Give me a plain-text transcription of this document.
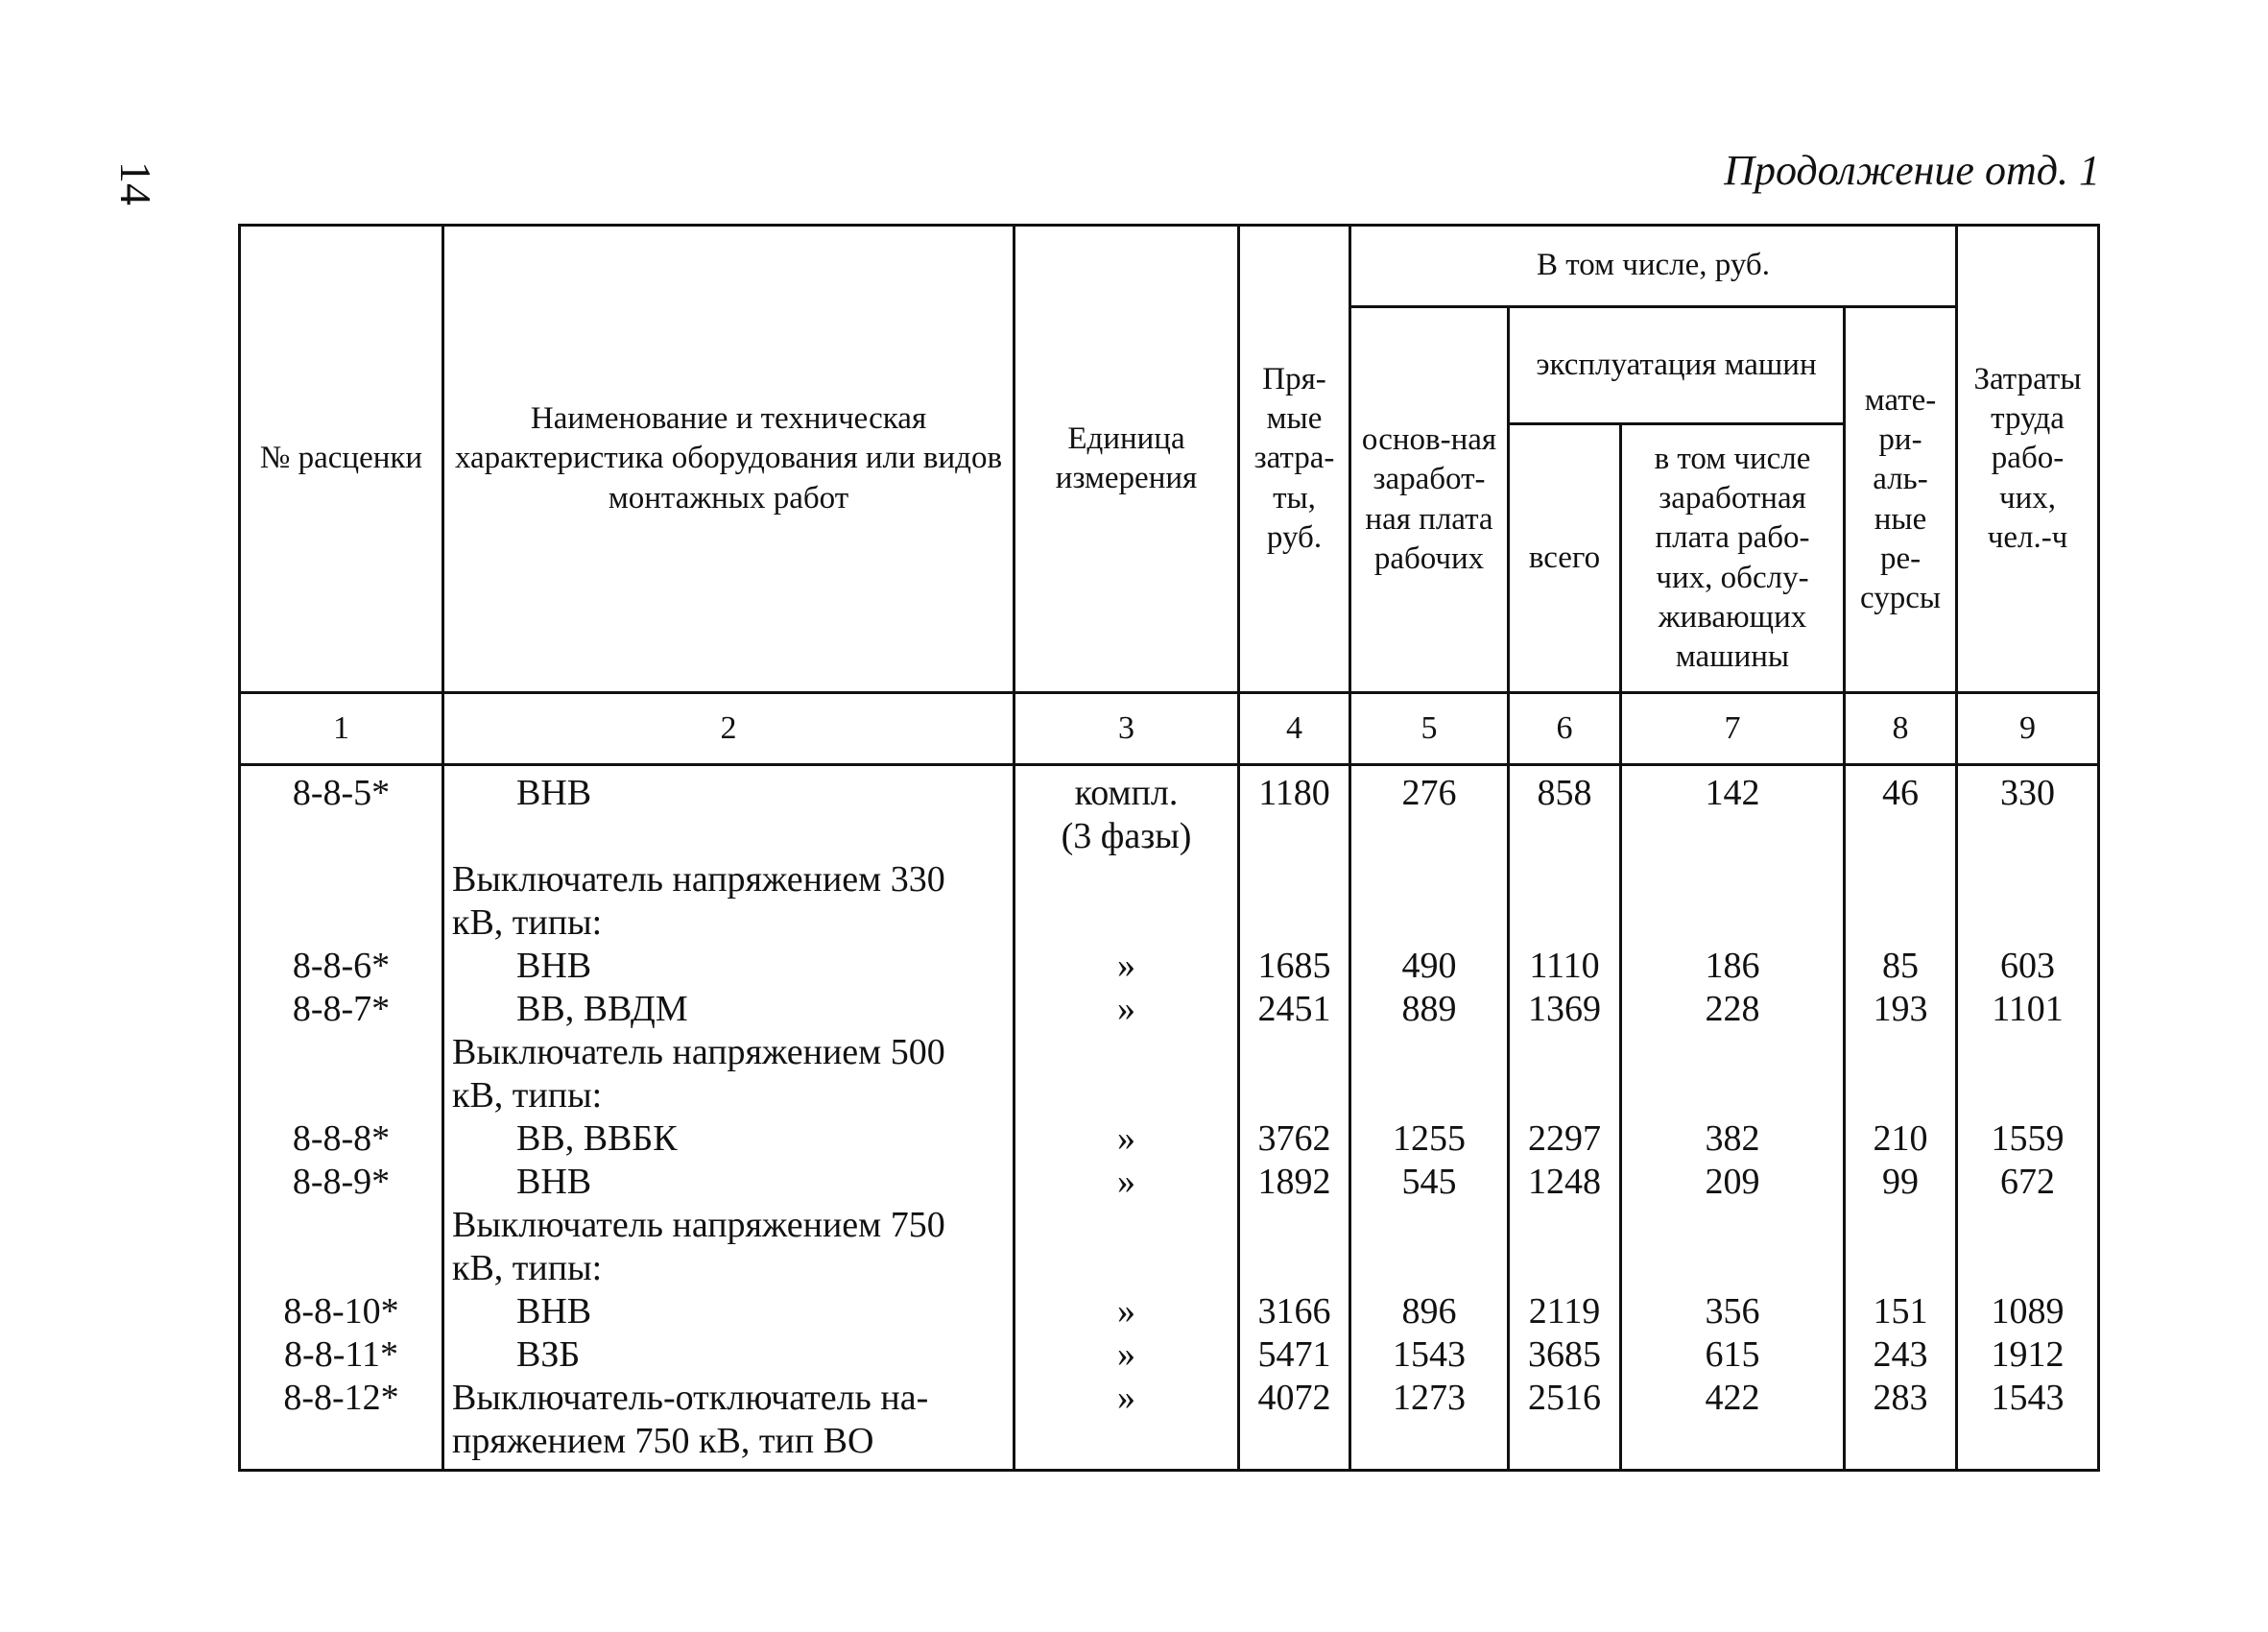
14	Продолжение отд. 1
№ расценки	Наименование и техническая характеристика оборудования или видов монтажных работ	Единица измерения	Пря-мые затра-ты, руб.	В том числе, руб.				Затраты труда рабо-чих, чел.-ч
				основ-ная заработ-ная плата рабочих	эксплуатация машин		мате-ри-аль-ные ре-сурсы	
					всего	в том числе заработная плата рабо-чих, обслу-живающих машины		
1	2	3	4	5	6	7	8	9
8-8-5*	ВНВ	компл.	1180	276	858	142	46	330
		(3 фазы)						
	Выключатель напряжением 330							
	кВ, типы:							
8-8-6*	ВНВ	»	1685	490	1110	186	85	603
8-8-7*	ВВ, ВВДМ	»	2451	889	1369	228	193	1101
	Выключатель напряжением 500							
	кВ, типы:							
8-8-8*	ВВ, ВВБК	»	3762	1255	2297	382	210	1559
8-8-9*	ВНВ	»	1892	545	1248	209	99	672
	Выключатель напряжением 750							
	кВ, типы:							
8-8-10*	ВНВ	»	3166	896	2119	356	151	1089
8-8-11*	ВЗБ	»	5471	1543	3685	615	243	1912
8-8-12*	Выключатель-отключатель на-	»	4072	1273	2516	422	283	1543
	пряжением 750 кВ, тип ВО							
